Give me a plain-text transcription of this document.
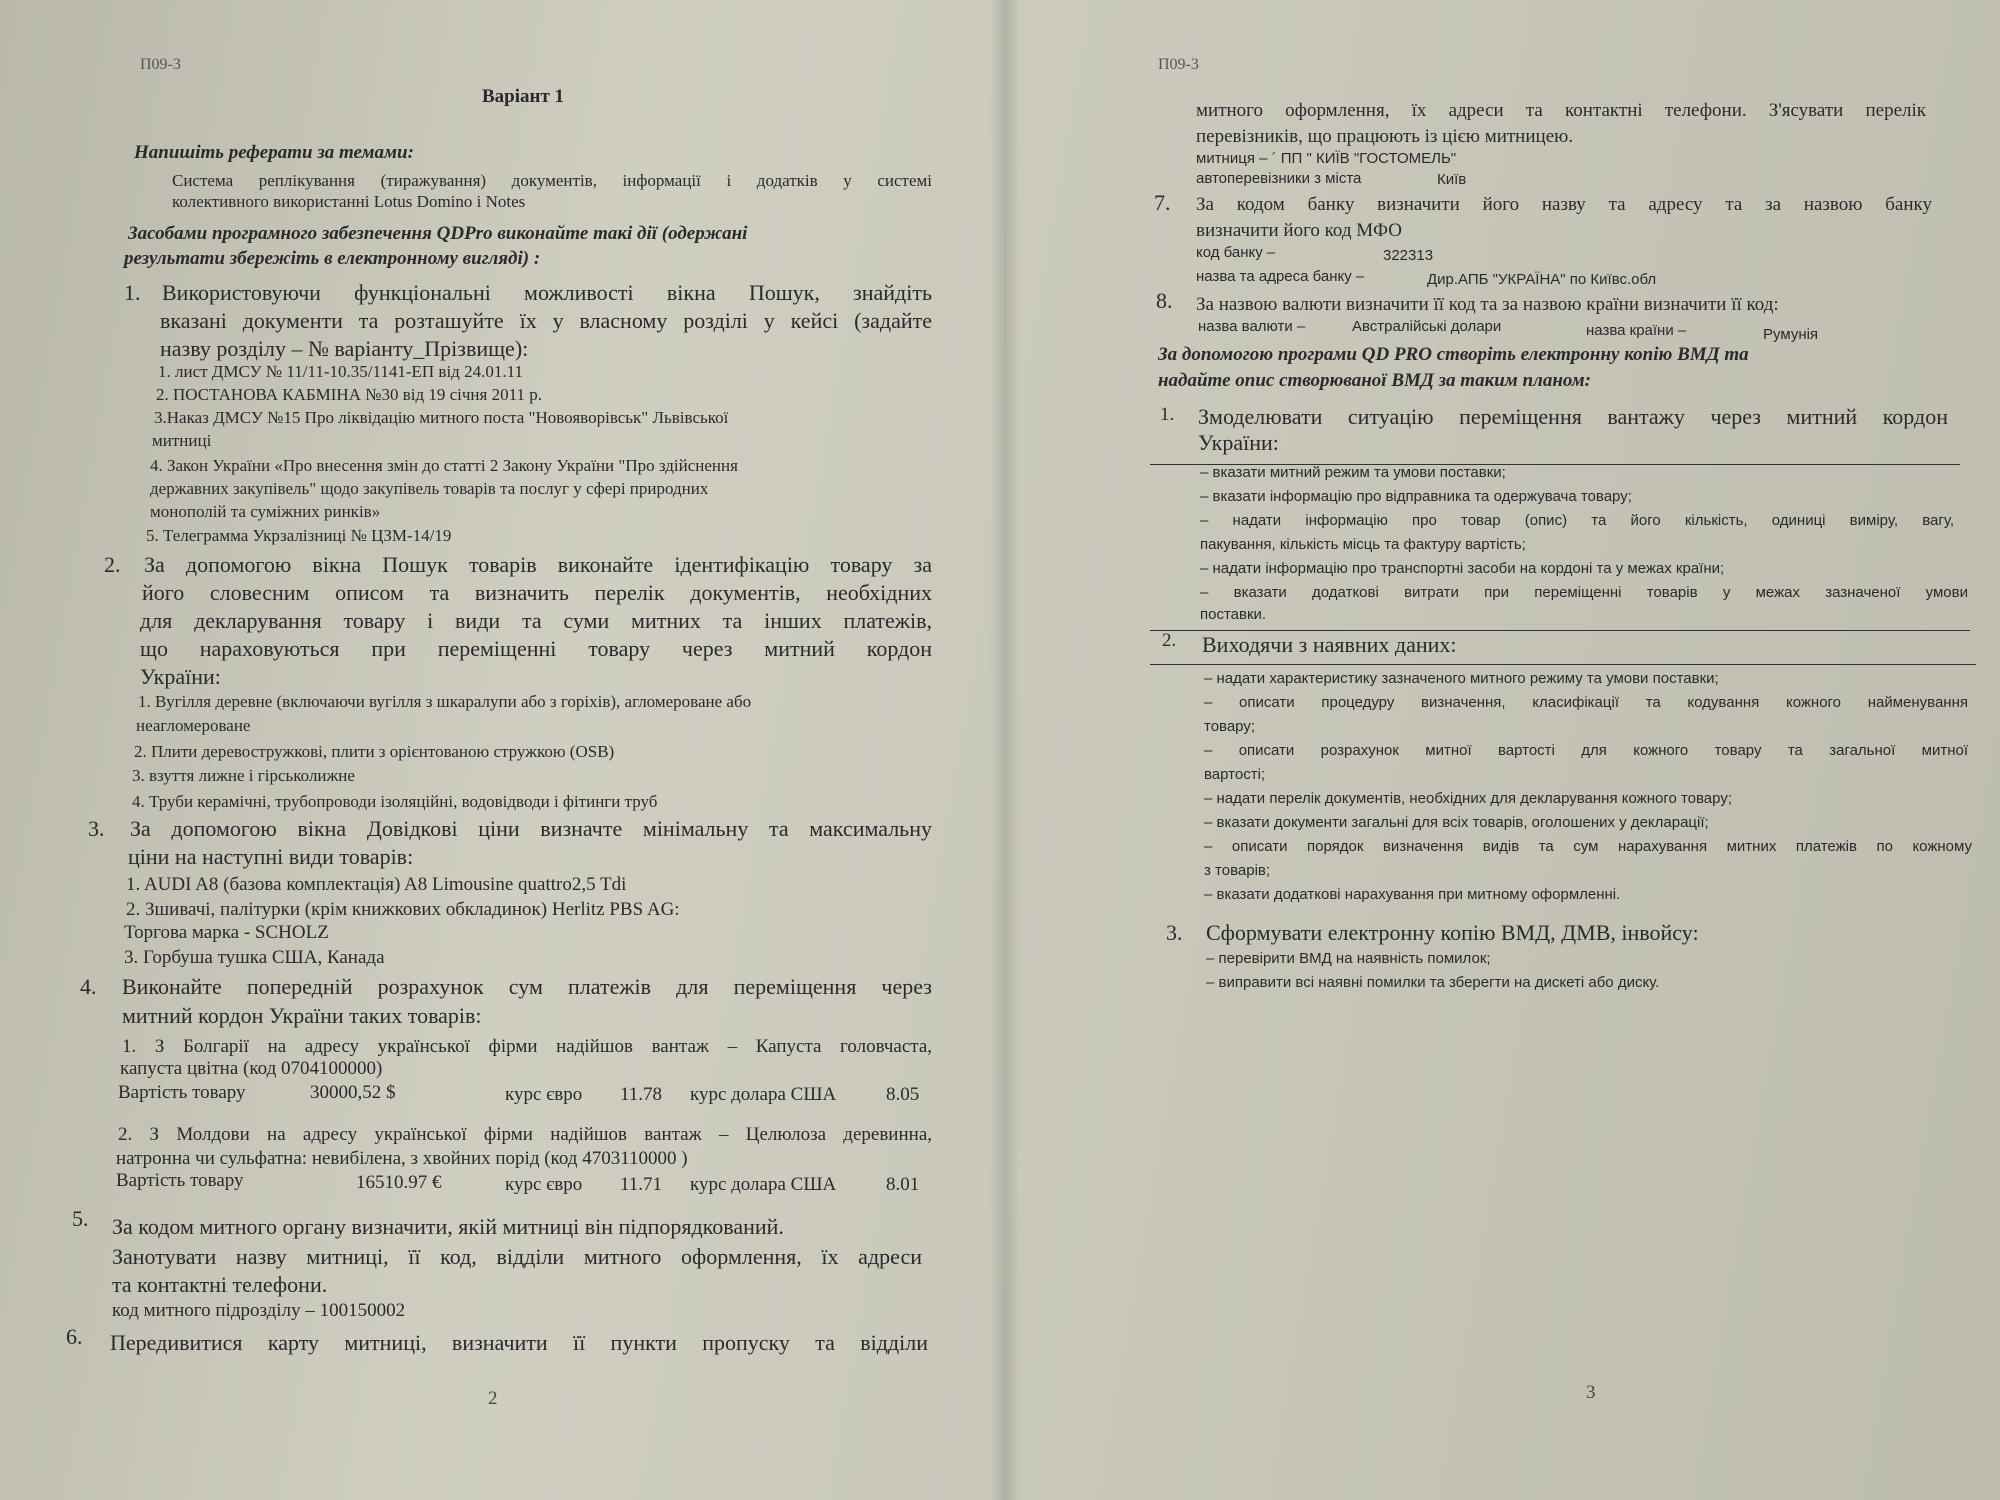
П09-3
Варіант 1
Напишіть реферати за темами:
Система реплікування (тиражування) документів, інформації і додатків у системі
колективного використанні Lotus Domino і Notes
Засобами програмного забезпечення QDPro виконайте такі дії (одержані
результати збережіть в електронному вигляді) :
1. Використовуючи функціональні можливості вікна Пошук, знайдіть
вказані документи та розташуйте їх у власному розділі у кейсі (задайте
назву розділу – № варіанту_Прізвище):
1. лист ДМСУ № 11/11-10.35/1141-ЕП від 24.01.11
2. ПОСТАНОВА КАБМІНА №30 від 19 січня 2011 р.
3.Наказ ДМСУ №15 Про ліквідацію митного поста "Новояворівськ" Львівської
митниці
4. Закон України «Про внесення змін до статті 2 Закону України "Про здійснення
державних закупівель" щодо закупівель товарів та послуг у сфері природних
монополій та суміжних ринків»
5. Телеграмма Укрзалізниці № ЦЗМ-14/19
2. За допомогою вікна Пошук товарів виконайте ідентифікацію товару за
його словесним описом та визначить перелік документів, необхідних
для декларування товару і види та суми митних та інших платежів,
що нараховуються при переміщенні товару через митний кордон
України:
1. Вугілля деревне (включаючи вугілля з шкаралупи або з горіхів), агломероване або
неагломероване
2. Плити деревостружкові, плити з орієнтованою стружкою (OSB)
3. взуття лижне і гірськолижне
4. Труби керамічні, трубопроводи ізоляційні, водовідводи і фітинги труб
3. За допомогою вікна Довідкові ціни визначте мінімальну та максимальну
ціни на наступні види товарів:
1. AUDI A8 (базова комплектація) A8 Limousine quattro2,5 Tdi
2. Зшивачі, палітурки (крім книжкових обкладинок) Herlitz PBS AG:
Торгова марка - SCHOLZ
3. Горбуша тушка США, Канада
4. Виконайте попередній розрахунок сум платежів для переміщення через
митний кордон України таких товарів:
1. З Болгарії на адресу української фірми надійшов вантаж – Капуста головчаста,
капуста цвітна (код 0704100000)
Вартість товару	30000,52 $	курс євро 11.78 курс долара США	8.05
2. З Молдови на адресу української фірми надійшов вантаж – Целюлоза деревинна,
натронна чи сульфатна: невибілена, з хвойних порід (код 4703110000 )
Вартість товару	16510.97 €	курс євро 11.71 курс долара США	8.01
5. За кодом митного органу визначити, якій митниці він підпорядкований.
Занотувати назву митниці, її код, відділи митного оформлення, їх адреси
та контактні телефони.
код митного підрозділу – 100150002
6. Передивитися карту митниці, визначити її пункти пропуску та відділи
2
П09-3
митного оформлення, їх адреси та контактні телефони. З'ясувати перелік
перевізників, що працюють із цією митницею.
митниця – ´ ПП " КИЇВ "ГОСТОМЕЛЬ"
автоперевізники з міста	Київ
7. За кодом банку визначити його назву та адресу та за назвою банку
визначити його код МФО
код банку –	322313
назва та адреса банку –	Дир.АПБ "УКРАЇНА" по Київс.обл
8. За назвою валюти визначити її код та за назвою країни визначити її код:
назва валюти –	Австралійські долари	назва країни –	Румунія
За допомогою програми QD PRO створіть електронну копію ВМД та
надайте опис створюваної ВМД за таким планом:
1. Змоделювати ситуацію переміщення вантажу через митний кордон
України:
– вказати митний режим та умови поставки;
– вказати інформацію про відправника та одержувача товару;
– надати інформацію про товар (опис) та його кількість, одиниці виміру, вагу,
пакування, кількість місць та фактуру вартість;
– надати інформацію про транспортні засоби на кордоні та у межах країни;
– вказати додаткові витрати при переміщенні товарів у межах зазначеної умови
поставки.
2. Виходячи з наявних даних:
– надати характеристику зазначеного митного режиму та умови поставки;
– описати процедуру визначення, класифікації та кодування кожного найменування
товару;
– описати розрахунок митної вартості для кожного товару та загальної митної
вартості;
– надати перелік документів, необхідних для декларування кожного товару;
– вказати документи загальні для всіх товарів, оголошених у декларації;
– описати порядок визначення видів та сум нарахування митних платежів по кожному
з товарів;
– вказати додаткові нарахування при митному оформленні.
3. Сформувати електронну копію ВМД, ДМВ, інвойсу:
– перевірити ВМД на наявність помилок;
– виправити всі наявні помилки та зберегти на дискеті або диску.
3
